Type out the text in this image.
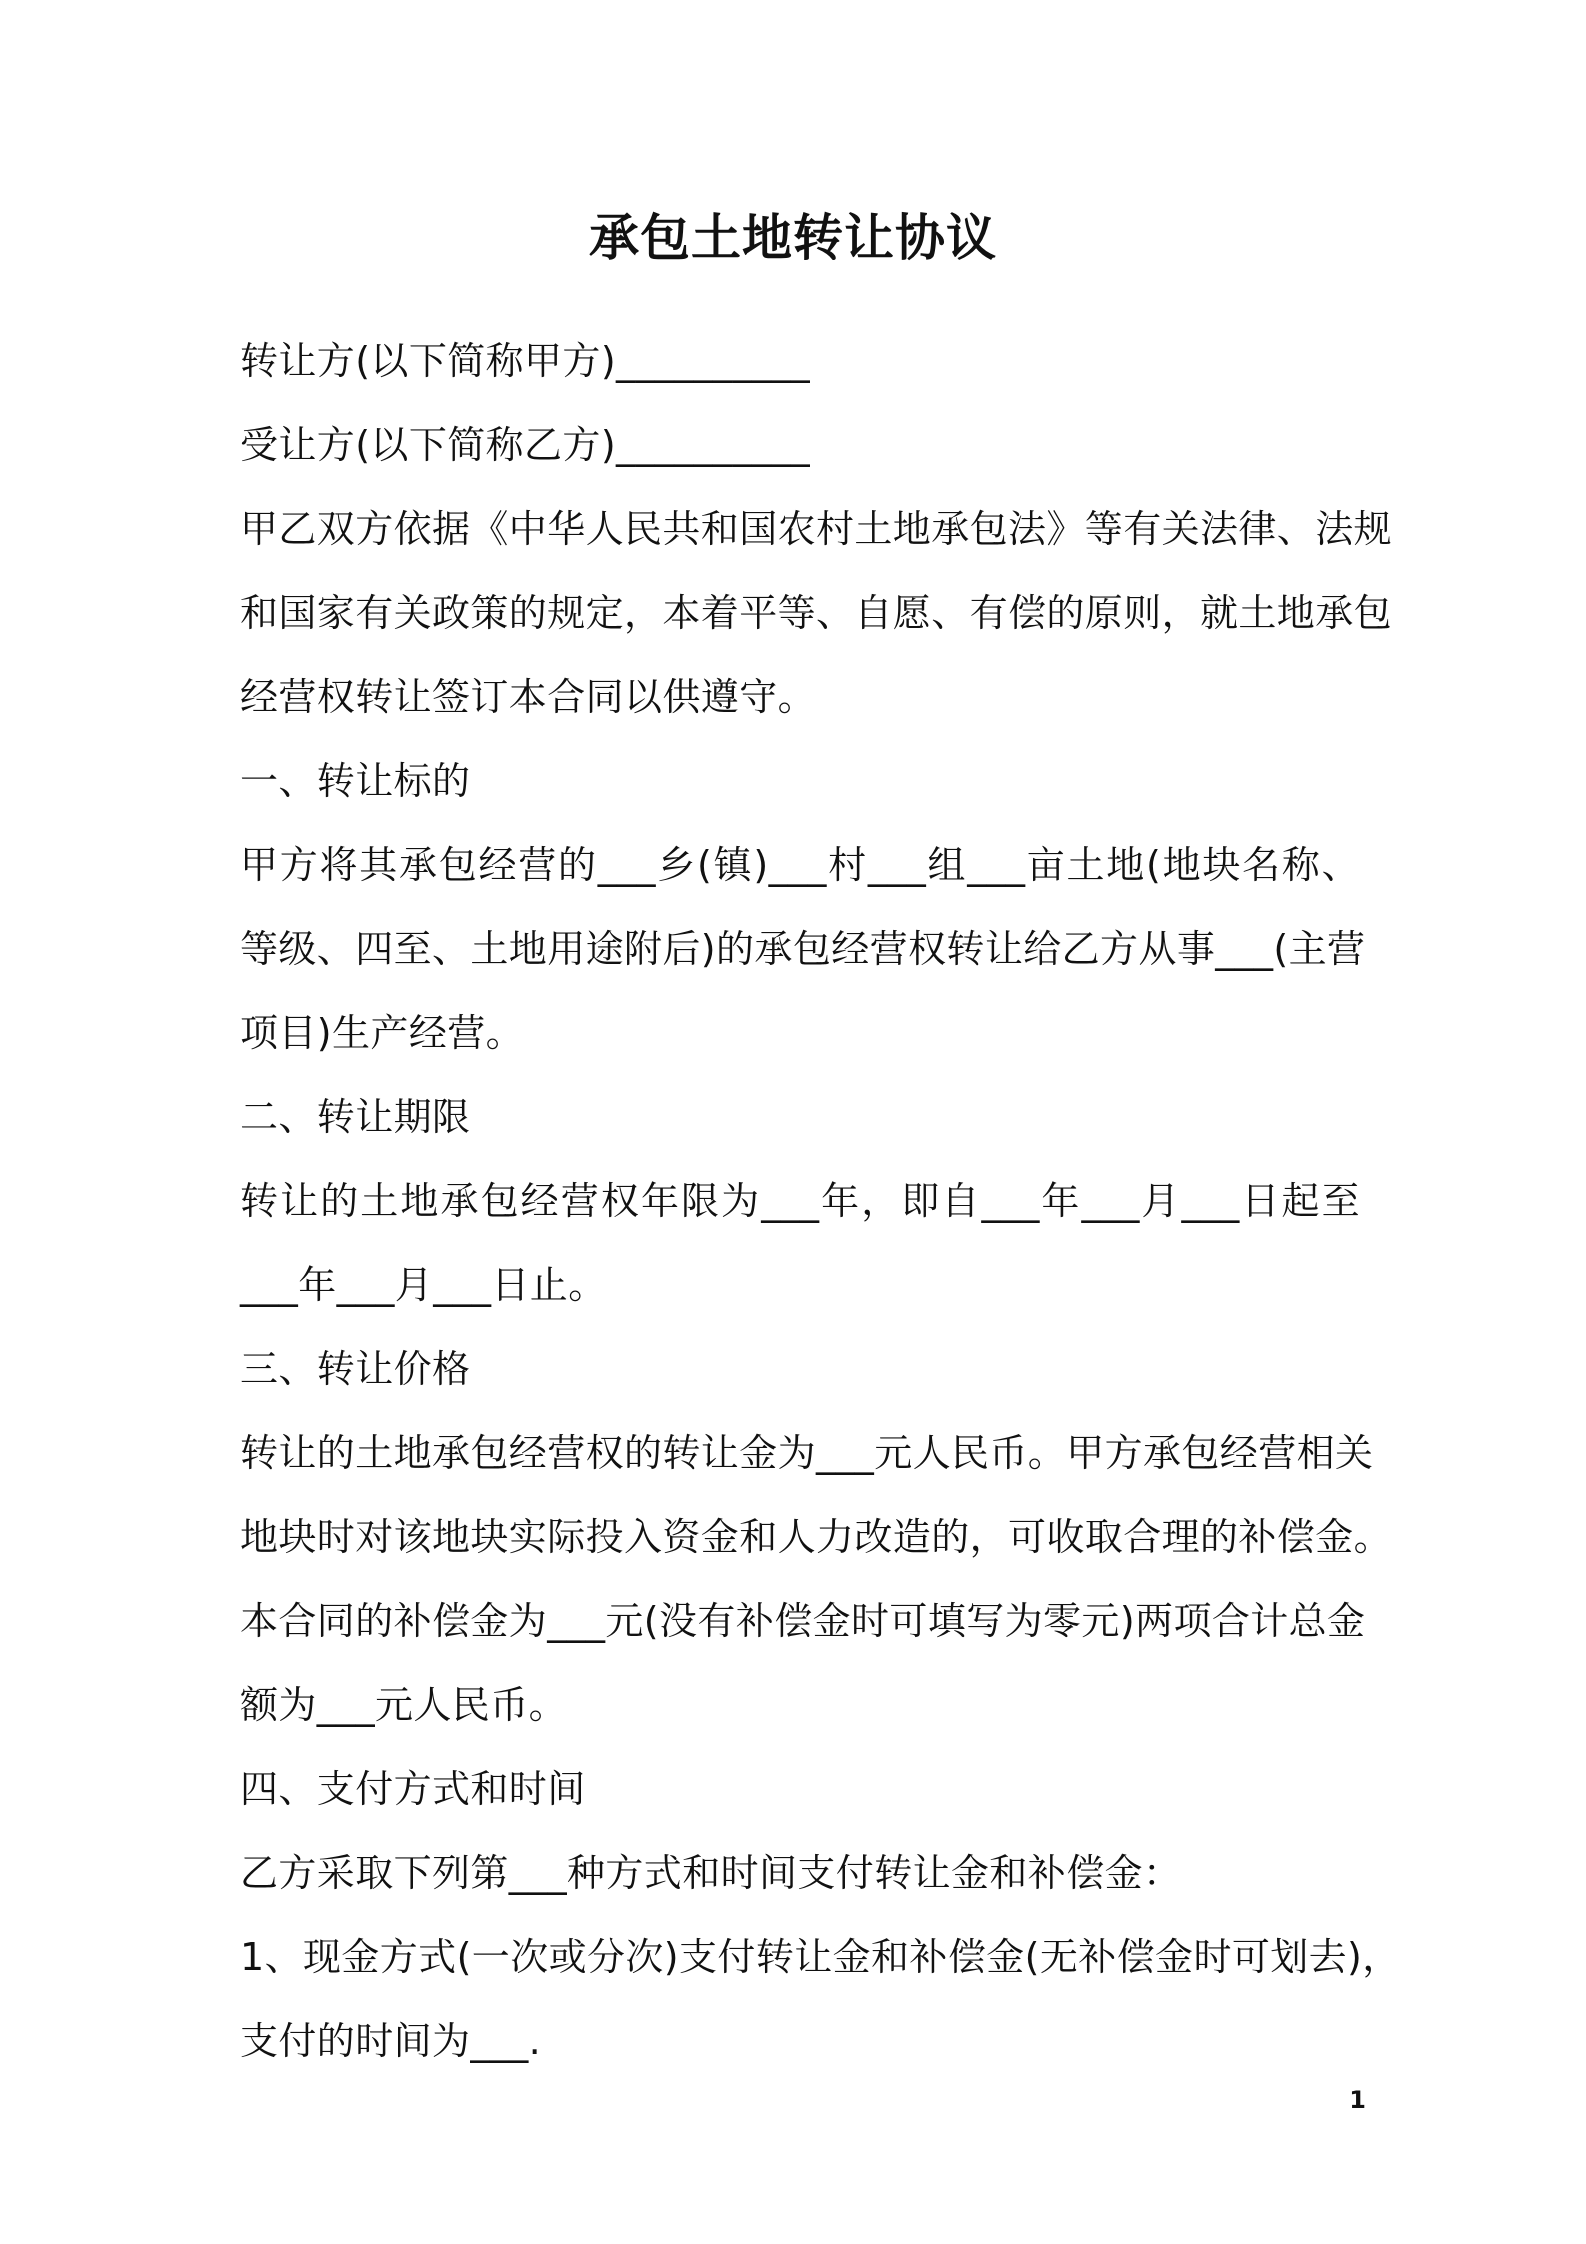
承包土地转让协议
转让方(以下简称甲方)__________
受让方(以下简称乙方)__________
甲乙双方依据《中华人民共和国农村土地承包法》等有关法律、法规
和国家有关政策的规定，本着平等、自愿、有偿的原则，就土地承包
经营权转让签订本合同以供遵守。
一、转让标的
甲方将其承包经营的___乡(镇)___村___组___亩土地(地块名称、
等级、四至、土地用途附后)的承包经营权转让给乙方从事___(主营
项目)生产经营。
二、转让期限
转让的土地承包经营权年限为___年，即自___年___月___日起至
___年___月___日止。
三、转让价格
转让的土地承包经营权的转让金为___元人民币。甲方承包经营相关
地块时对该地块实际投入资金和人力改造的，可收取合理的补偿金。
本合同的补偿金为___元(没有补偿金时可填写为零元)两项合计总金
额为___元人民币。
四、支付方式和时间
乙方采取下列第___种方式和时间支付转让金和补偿金：
1、现金方式(一次或分次)支付转让金和补偿金(无补偿金时可划去)，
支付的时间为___.
1
